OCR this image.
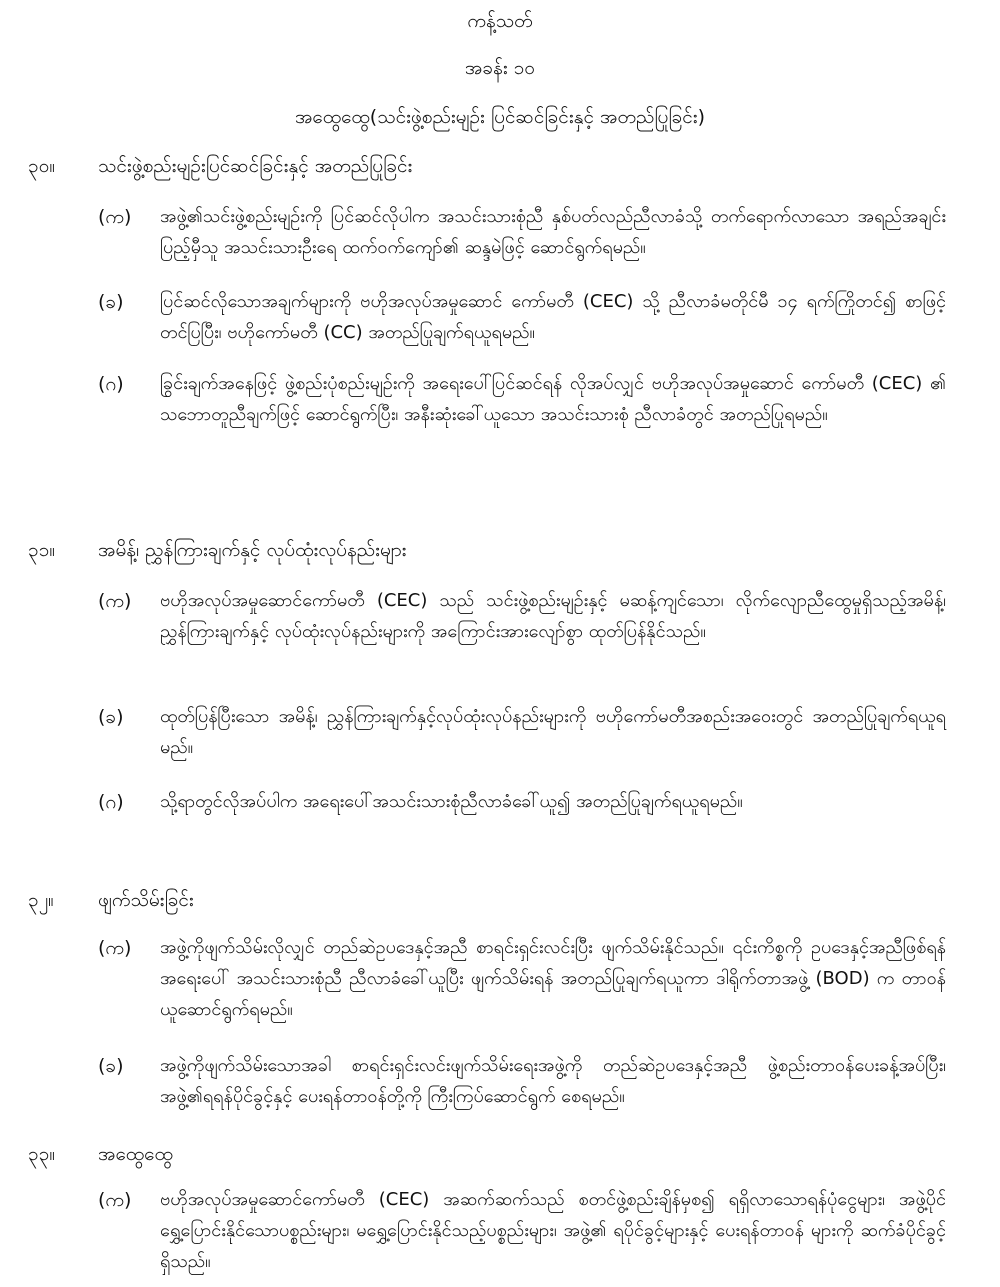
ကန့်သတ်
အခန်း ၁၀
အထွေထွေ(သင်းဖွဲ့စည်းမျဉ်း ပြင်ဆင်ခြင်းနှင့် အတည်ပြုခြင်း)
၃၀။ သင်းဖွဲ့စည်းမျဉ်းပြင်ဆင်ခြင်းနှင့် အတည်ပြုခြင်း
(က) အဖွဲ့၏သင်းဖွဲ့စည်းမျဉ်းကို ပြင်ဆင်လိုပါက အသင်းသားစုံညီ နှစ်ပတ်လည်ညီလာခံသို့ တက်ရောက်လာသော အရည်အချင်းပြည့်မှီသူ အသင်းသားဦးရေ ထက်ဝက်ကျော်၏ ဆန္ဒမဲဖြင့် ဆောင်ရွက်ရမည်။
(ခ) ပြင်ဆင်လိုသောအချက်များကို ဗဟိုအလုပ်အမှုဆောင် ကော်မတီ (CEC) သို့ ညီလာခံမတိုင်မီ ၁၄ ရက်ကြိုတင်၍ စာဖြင့်တင်ပြပြီး၊ ဗဟိုကော်မတီ (CC) အတည်ပြုချက်ရယူရမည်။
(ဂ) ခြွင်းချက်အနေဖြင့် ဖွဲ့စည်းပုံစည်းမျဉ်းကို အရေးပေါ်ပြင်ဆင်ရန် လိုအပ်လျှင် ဗဟိုအလုပ်အမှုဆောင် ကော်မတီ (CEC) ၏ သဘောတူညီချက်ဖြင့် ဆောင်ရွက်ပြီး၊ အနီးဆုံးခေါ်ယူသော အသင်းသားစုံ ညီလာခံတွင် အတည်ပြုရမည်။
၃၁။ အမိန့်၊ ညွှန်ကြားချက်နှင့် လုပ်ထုံးလုပ်နည်းများ
(က) ဗဟိုအလုပ်အမှုဆောင်ကော်မတီ (CEC) သည် သင်းဖွဲ့စည်းမျဉ်းနှင့် မဆန့်ကျင်သော၊ လိုက်လျောညီထွေမှုရှိသည့်အမိန့်၊ ညွှန်ကြားချက်နှင့် လုပ်ထုံးလုပ်နည်းများကို အကြောင်းအားလျော်စွာ ထုတ်ပြန်နိုင်သည်။
(ခ) ထုတ်ပြန်ပြီးသော အမိန့်၊ ညွှန်ကြားချက်နှင့်လုပ်ထုံးလုပ်နည်းများကို ဗဟိုကော်မတီအစည်းအဝေးတွင် အတည်ပြုချက်ရယူရမည်။
(ဂ) သို့ရာတွင်လိုအပ်ပါက အရေးပေါ်အသင်းသားစုံညီလာခံခေါ်ယူ၍ အတည်ပြုချက်ရယူရမည်။
၃၂။ ဖျက်သိမ်းခြင်း
(က) အဖွဲ့ကိုဖျက်သိမ်းလိုလျှင် တည်ဆဲဥပဒေနှင့်အညီ စာရင်းရှင်းလင်းပြီး ဖျက်သိမ်းနိုင်သည်။ ၎င်းကိစ္စကို ဥပဒေနှင့်အညီဖြစ်ရန် အရေးပေါ် အသင်းသားစုံညီ ညီလာခံခေါ်ယူပြီး ဖျက်သိမ်းရန် အတည်ပြုချက်ရယူကာ ဒါရိုက်တာအဖွဲ့ (BOD) က တာဝန်ယူဆောင်ရွက်ရမည်။
(ခ) အဖွဲ့ကိုဖျက်သိမ်းသောအခါ စာရင်းရှင်းလင်းဖျက်သိမ်းရေးအဖွဲ့ကို တည်ဆဲဥပဒေနှင့်အညီ ဖွဲ့စည်းတာဝန်ပေးခန့်အပ်ပြီး၊ အဖွဲ့၏ရရန်ပိုင်ခွင့်နှင့် ပေးရန်တာဝန်တို့ကို ကြီးကြပ်ဆောင်ရွက် စေရမည်။
၃၃။ အထွေထွေ
(က) ဗဟိုအလုပ်အမှုဆောင်ကော်မတီ (CEC) အဆက်ဆက်သည် စတင်ဖွဲ့စည်းချိန်မှစ၍ ရရှိလာသောရန်ပုံငွေများ၊ အဖွဲ့ပိုင်ရွှေ့ပြောင်းနိုင်သောပစ္စည်းများ၊ မရွှေ့ပြောင်းနိုင်သည့်ပစ္စည်းများ၊ အဖွဲ့၏ ရပိုင်ခွင့်များနှင့် ပေးရန်တာဝန် များကို ဆက်ခံပိုင်ခွင့်ရှိသည်။
